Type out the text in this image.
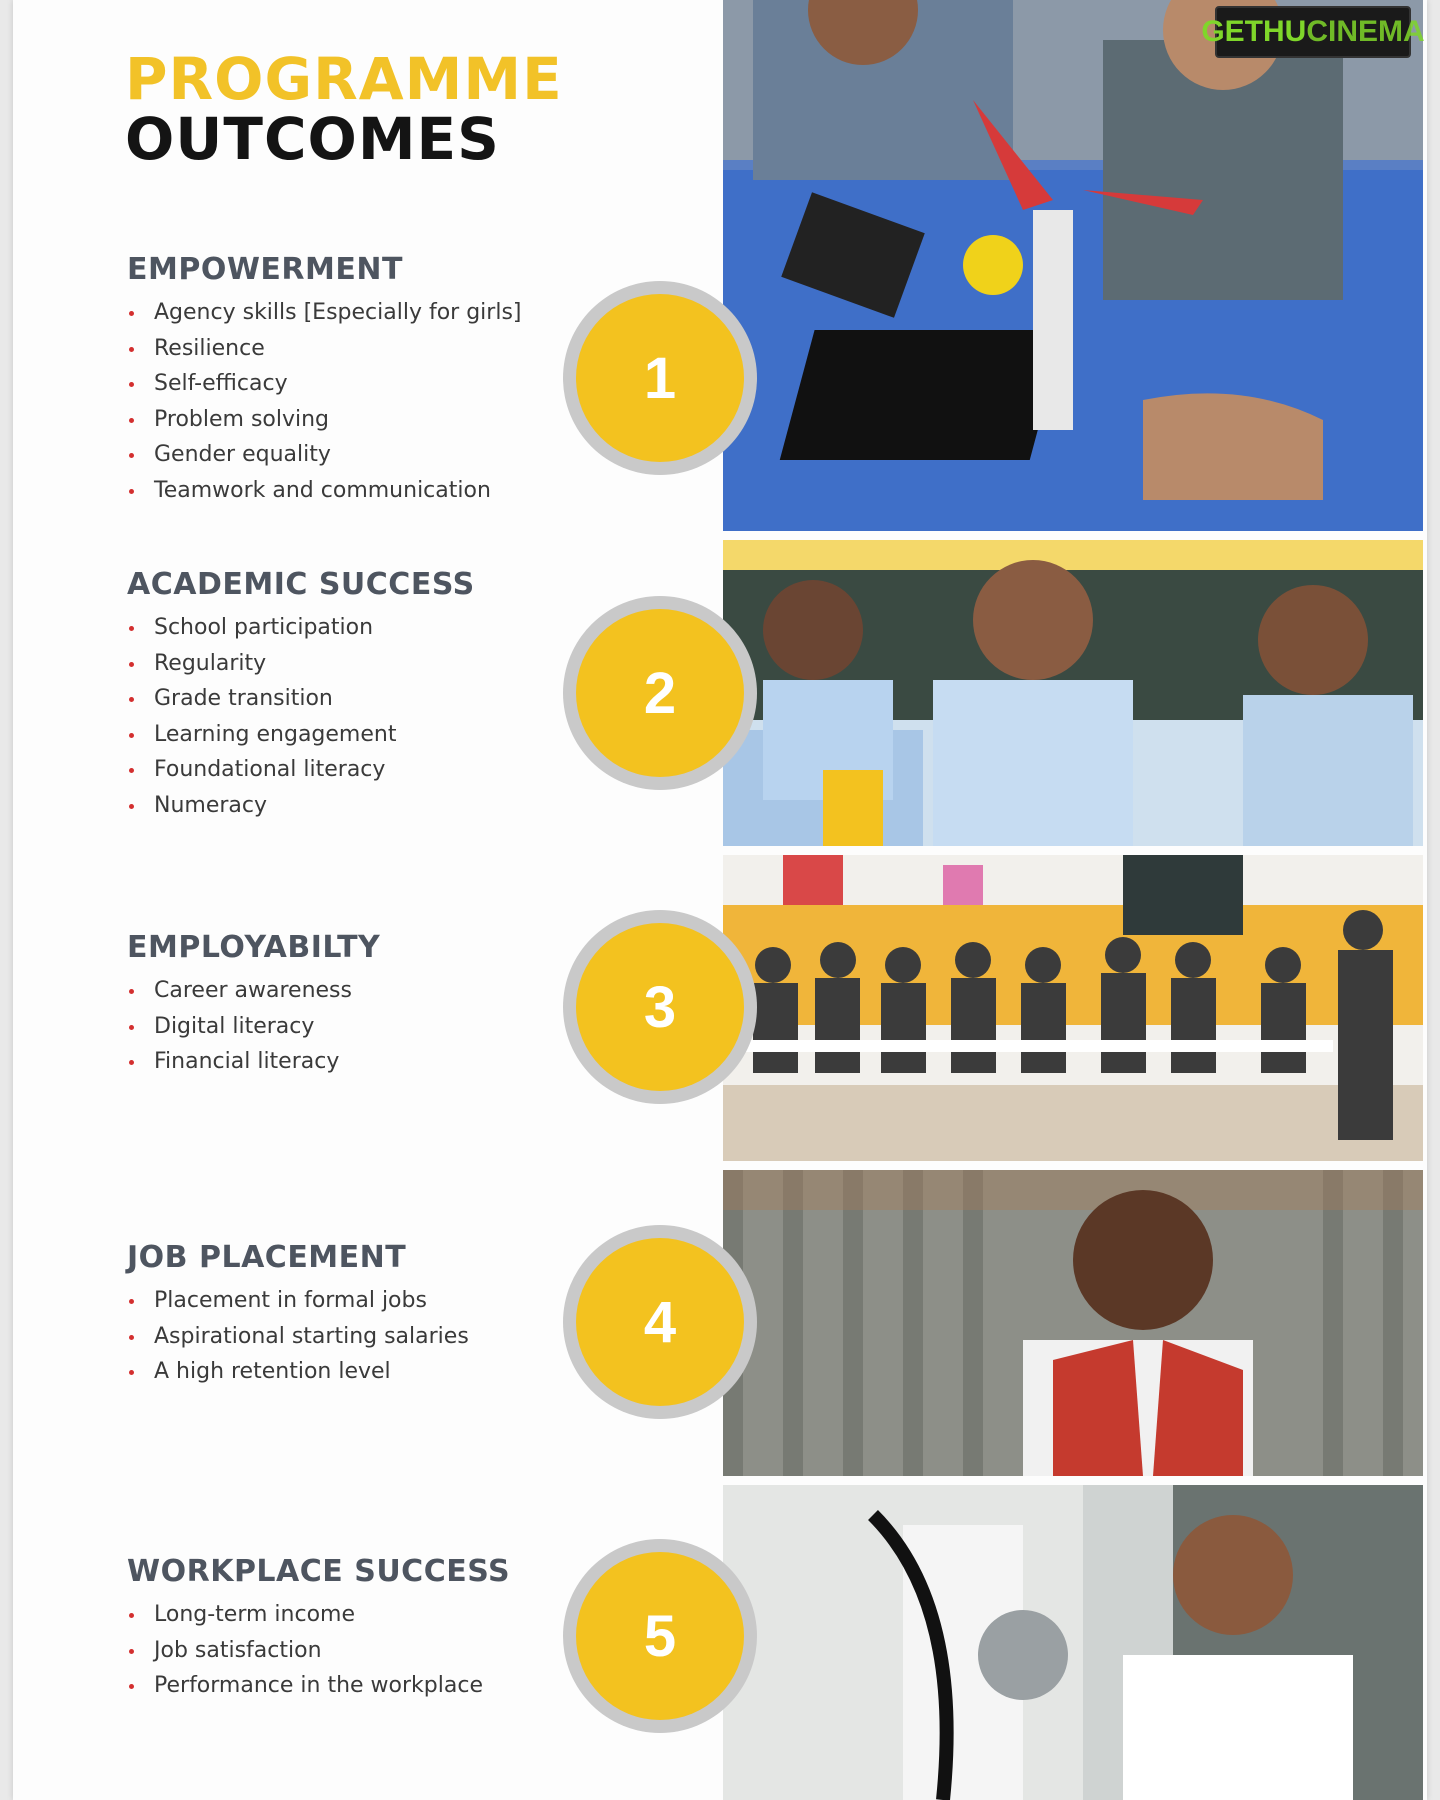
PROGRAMME
OUTCOMES
EMPOWERMENT
Agency skills [Especially for girls]
Resilience
Self-efficacy
Problem solving
Gender equality
Teamwork and communication
ACADEMIC SUCCESS
School participation
Regularity
Grade transition
Learning engagement
Foundational literacy
Numeracy
EMPLOYABILTY
Career awareness
Digital literacy
Financial literacy
JOB PLACEMENT
Placement in formal jobs
Aspirational starting salaries
A high retention level
WORKPLACE SUCCESS
Long-term income
Job satisfaction
Performance in the workplace
1
2
3
4
5
GETHU CINEMA
